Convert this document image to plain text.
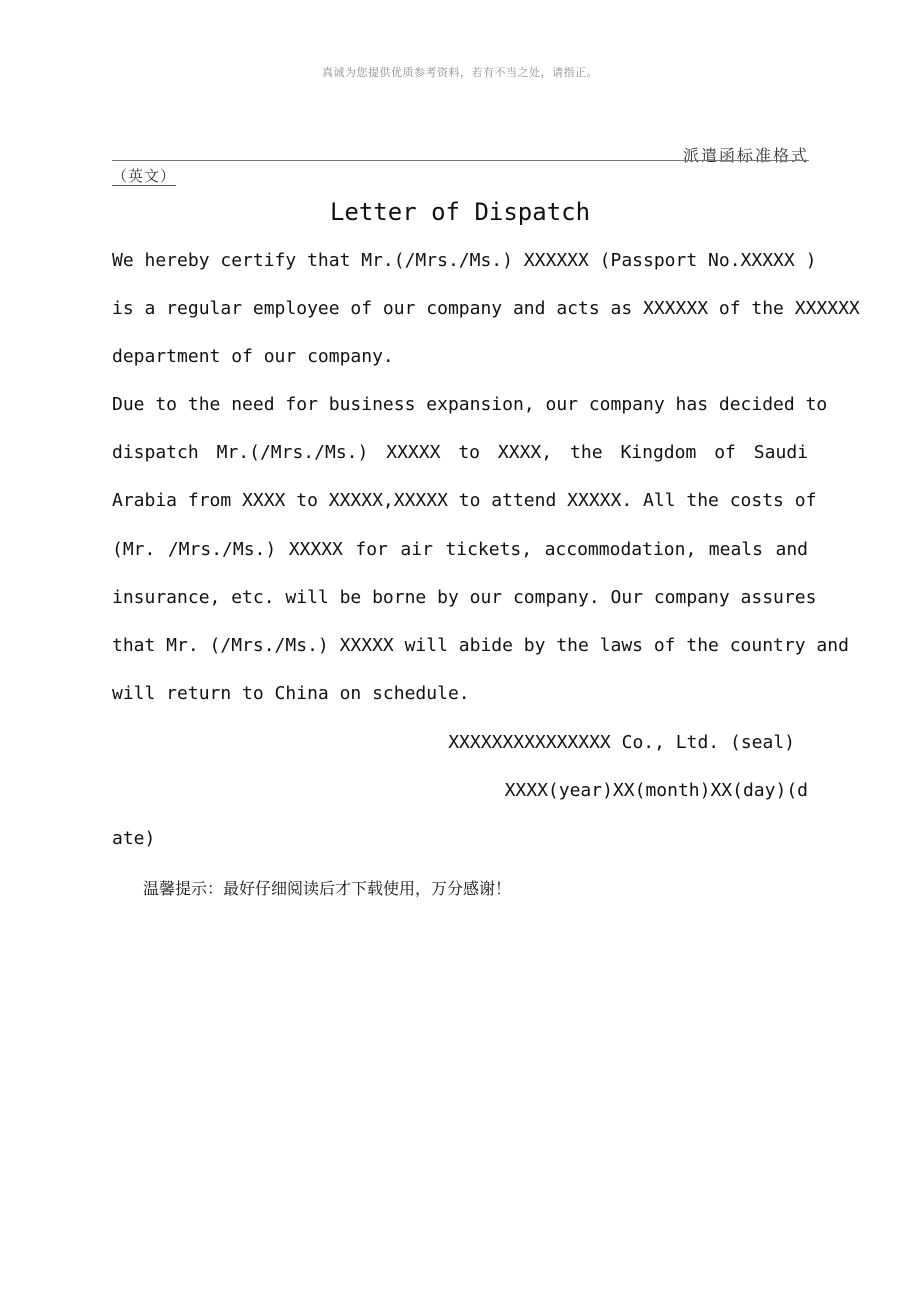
真诚为您提供优质参考资料，若有不当之处，请指正。

派遣函标准格式

（英文）

Letter of Dispatch

We hereby certify that Mr.(/Mrs./Ms.) XXXXXX (Passport No.XXXXX )

is a regular employee of our company and acts as XXXXXX of the XXXXXX

department of our company.

Due to the need for business expansion, our company has decided to

dispatch Mr.(/Mrs./Ms.) XXXXX to XXXX, the Kingdom of Saudi

Arabia from XXXX to XXXXX,XXXXX to attend XXXXX. All the costs of

(Mr. /Mrs./Ms.) XXXXX for air tickets, accommodation, meals and

insurance, etc. will be borne by our company. Our company assures

that Mr. (/Mrs./Ms.) XXXXX will abide by the laws of the country and

will return to China on schedule.

XXXXXXXXXXXXXXX Co., Ltd. (seal)

XXXX(year)XX(month)XX(day)(d

ate)

温馨提示：最好仔细阅读后才下载使用，万分感谢！
